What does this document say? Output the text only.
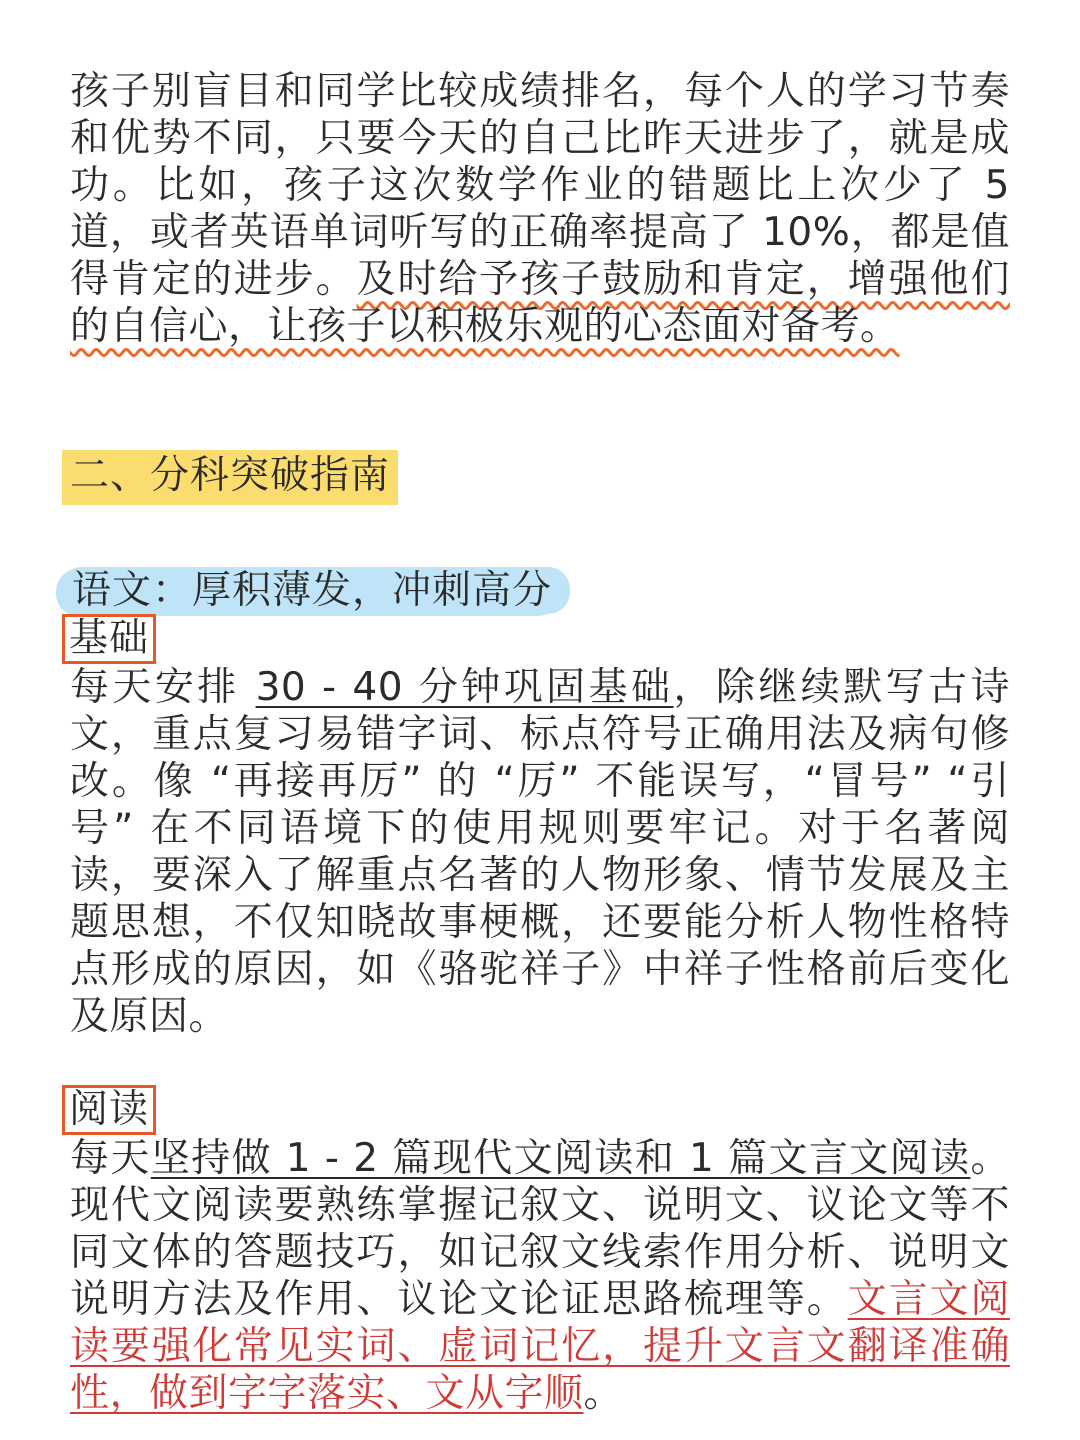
孩子别盲目和同学比较成绩排名，每个人的学习节奏和优势不同，只要今天的自己比昨天进步了，就是成功。比如，孩子这次数学作业的错题比上次少了 5 道，或者英语单词听写的正确率提高了 10%，都是值得肯定的进步。及时给予孩子鼓励和肯定，增强他们的自信心，让孩子以积极乐观的心态面对备考。

二、分科突破指南
语文：厚积薄发，冲刺高分
基础

每天安排 30 - 40 分钟巩固基础，除继续默写古诗文，重点复习易错字词、标点符号正确用法及病句修改。像 “再接再厉” 的 “厉” 不能误写，“冒号” “引号” 在不同语境下的使用规则要牢记。对于名著阅读，要深入了解重点名著的人物形象、情节发展及主题思想，不仅知晓故事梗概，还要能分析人物性格特点形成的原因，如《骆驼祥子》中祥子性格前后变化及原因。

阅读

每天坚持做 1 - 2 篇现代文阅读和 1 篇文言文阅读。现代文阅读要熟练掌握记叙文、说明文、议论文等不同文体的答题技巧，如记叙文线索作用分析、说明文说明方法及作用、议论文论证思路梳理等。文言文阅读要强化常见实词、虚词记忆，提升文言文翻译准确性，做到字字落实、文从字顺。
